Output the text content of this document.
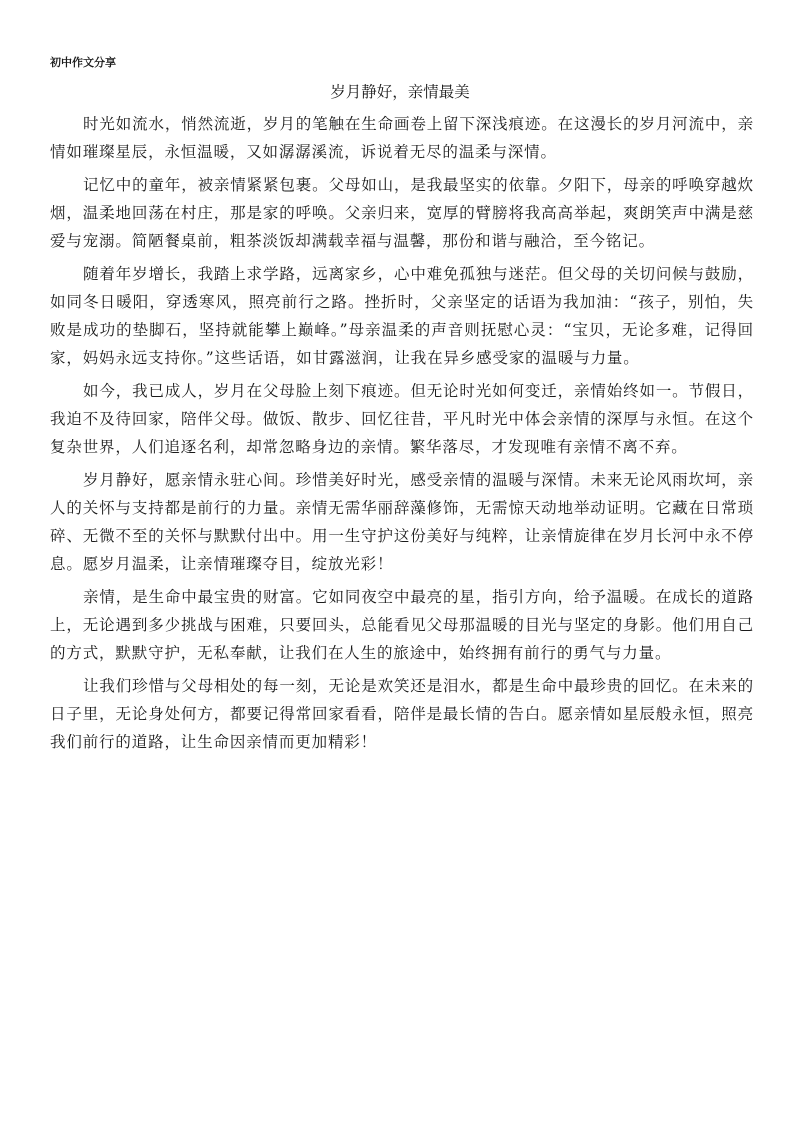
初中作文分享
岁月静好，亲情最美

时光如流水，悄然流逝，岁月的笔触在生命画卷上留下深浅痕迹。在这漫长的岁月河流中，亲情如璀璨星辰，永恒温暖，又如潺潺溪流，诉说着无尽的温柔与深情。

记忆中的童年，被亲情紧紧包裹。父母如山，是我最坚实的依靠。夕阳下，母亲的呼唤穿越炊烟，温柔地回荡在村庄，那是家的呼唤。父亲归来，宽厚的臂膀将我高高举起，爽朗笑声中满是慈爱与宠溺。简陋餐桌前，粗茶淡饭却满载幸福与温馨，那份和谐与融洽，至今铭记。

随着年岁增长，我踏上求学路，远离家乡，心中难免孤独与迷茫。但父母的关切问候与鼓励，如同冬日暖阳，穿透寒风，照亮前行之路。挫折时，父亲坚定的话语为我加油：“孩子，别怕，失败是成功的垫脚石，坚持就能攀上巅峰。”母亲温柔的声音则抚慰心灵：“宝贝，无论多难，记得回家，妈妈永远支持你。”这些话语，如甘露滋润，让我在异乡感受家的温暖与力量。

如今，我已成人，岁月在父母脸上刻下痕迹。但无论时光如何变迁，亲情始终如一。节假日，我迫不及待回家，陪伴父母。做饭、散步、回忆往昔，平凡时光中体会亲情的深厚与永恒。在这个复杂世界，人们追逐名利，却常忽略身边的亲情。繁华落尽，才发现唯有亲情不离不弃。

岁月静好，愿亲情永驻心间。珍惜美好时光，感受亲情的温暖与深情。未来无论风雨坎坷，亲人的关怀与支持都是前行的力量。亲情无需华丽辞藻修饰，无需惊天动地举动证明。它藏在日常琐碎、无微不至的关怀与默默付出中。用一生守护这份美好与纯粹，让亲情旋律在岁月长河中永不停息。愿岁月温柔，让亲情璀璨夺目，绽放光彩！

亲情，是生命中最宝贵的财富。它如同夜空中最亮的星，指引方向，给予温暖。在成长的道路上，无论遇到多少挑战与困难，只要回头，总能看见父母那温暖的目光与坚定的身影。他们用自己的方式，默默守护，无私奉献，让我们在人生的旅途中，始终拥有前行的勇气与力量。

让我们珍惜与父母相处的每一刻，无论是欢笑还是泪水，都是生命中最珍贵的回忆。在未来的日子里，无论身处何方，都要记得常回家看看，陪伴是最长情的告白。愿亲情如星辰般永恒，照亮我们前行的道路，让生命因亲情而更加精彩！
